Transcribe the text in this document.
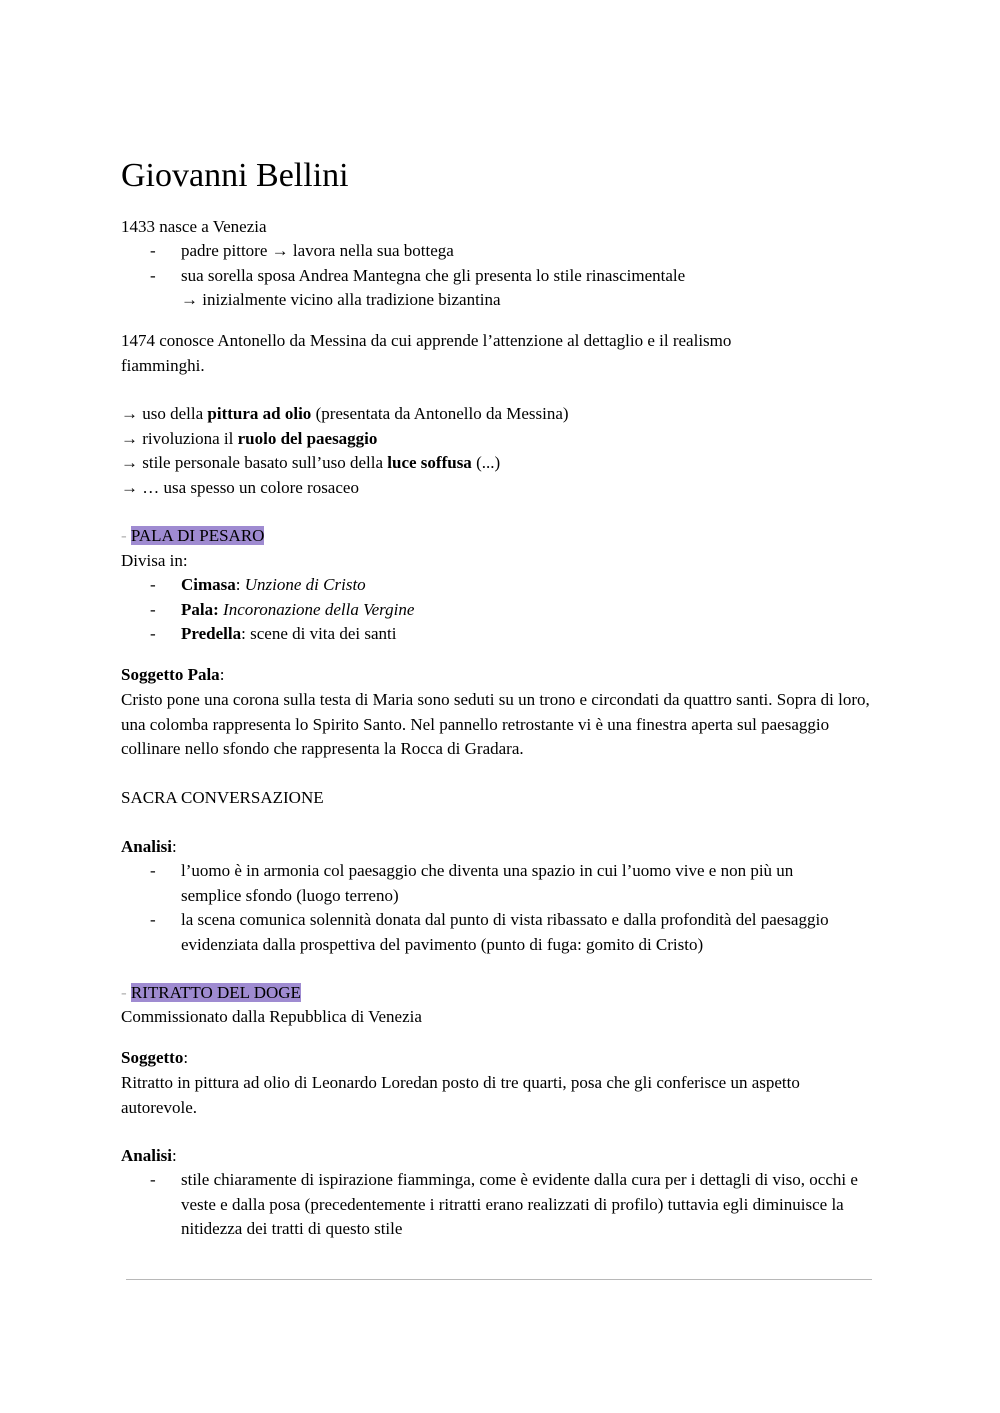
Giovanni Bellini
1433 nasce a Venezia
- padre pittore → lavora nella sua bottega
- sua sorella sposa Andrea Mantegna che gli presenta lo stile rinascimentale
→ inizialmente vicino alla tradizione bizantina
1474 conosce Antonello da Messina da cui apprende l’attenzione al dettaglio e il realismo fiamminghi.
→ uso della pittura ad olio (presentata da Antonello da Messina)
→ rivoluziona il ruolo del paesaggio
→ stile personale basato sull’uso della luce soffusa (...)
→ … usa spesso un colore rosaceo
- PALA DI PESARO
Divisa in:
- Cimasa: Unzione di Cristo
- Pala: Incoronazione della Vergine
- Predella: scene di vita dei santi
Soggetto Pala:
Cristo pone una corona sulla testa di Maria sono seduti su un trono e circondati da quattro santi. Sopra di loro, una colomba rappresenta lo Spirito Santo. Nel pannello retrostante vi è una finestra aperta sul paesaggio collinare nello sfondo che rappresenta la Rocca di Gradara.
SACRA CONVERSAZIONE
Analisi:
- l’uomo è in armonia col paesaggio che diventa una spazio in cui l’uomo vive e non più un semplice sfondo (luogo terreno)
- la scena comunica solennità donata dal punto di vista ribassato e dalla profondità del paesaggio evidenziata dalla prospettiva del pavimento (punto di fuga: gomito di Cristo)
- RITRATTO DEL DOGE
Commissionato dalla Repubblica di Venezia
Soggetto:
Ritratto in pittura ad olio di Leonardo Loredan posto di tre quarti, posa che gli conferisce un aspetto autorevole.
Analisi:
- stile chiaramente di ispirazione fiamminga, come è evidente dalla cura per i dettagli di viso, occhi e veste e dalla posa (precedentemente i ritratti erano realizzati di profilo) tuttavia egli diminuisce la nitidezza dei tratti di questo stile
